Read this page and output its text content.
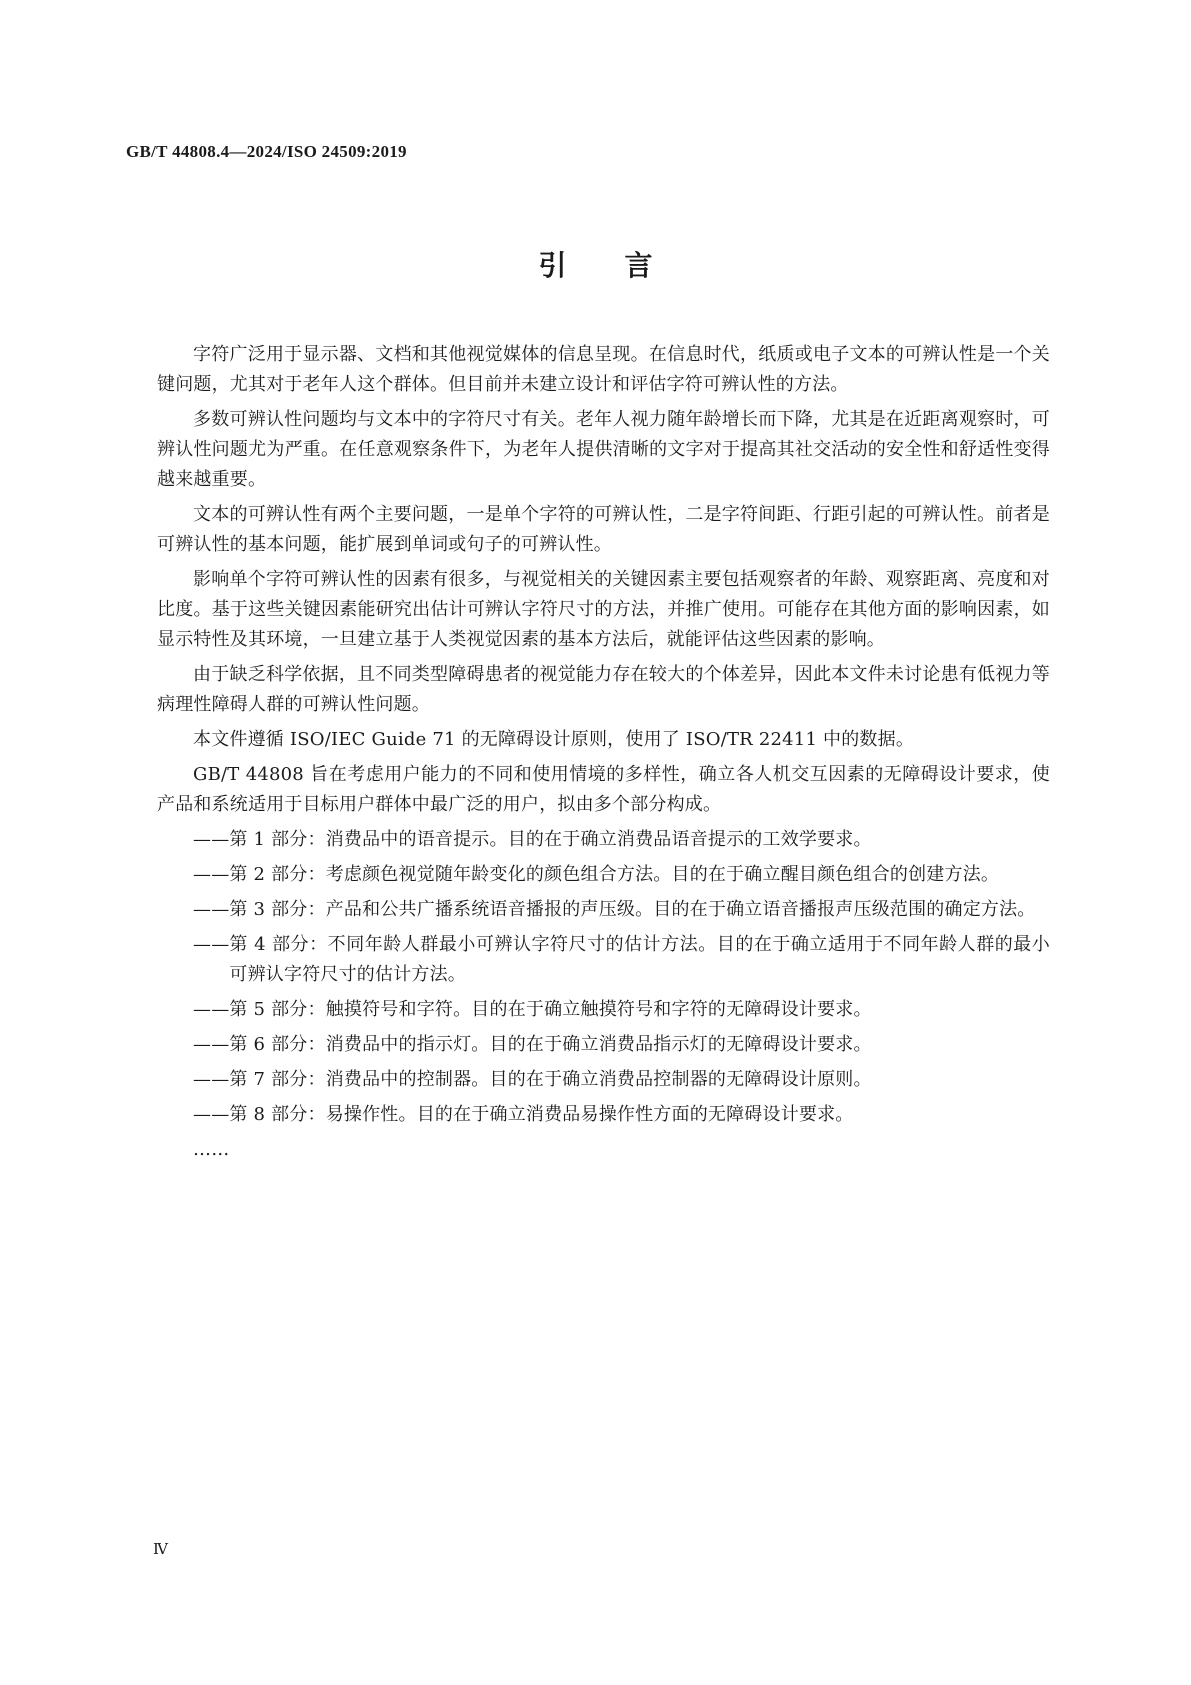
GB/T 44808.4—2024/ISO 24509:2019
引言

字符广泛用于显示器、文档和其他视觉媒体的信息呈现。在信息时代，纸质或电子文本的可辨认性是一个关键问题，尤其对于老年人这个群体。但目前并未建立设计和评估字符可辨认性的方法。

多数可辨认性问题均与文本中的字符尺寸有关。老年人视力随年龄增长而下降，尤其是在近距离观察时，可辨认性问题尤为严重。在任意观察条件下，为老年人提供清晰的文字对于提高其社交活动的安全性和舒适性变得越来越重要。

文本的可辨认性有两个主要问题，一是单个字符的可辨认性，二是字符间距、行距引起的可辨认性。前者是可辨认性的基本问题，能扩展到单词或句子的可辨认性。

影响单个字符可辨认性的因素有很多，与视觉相关的关键因素主要包括观察者的年龄、观察距离、亮度和对比度。基于这些关键因素能研究出估计可辨认字符尺寸的方法，并推广使用。可能存在其他方面的影响因素，如显示特性及其环境，一旦建立基于人类视觉因素的基本方法后，就能评估这些因素的影响。

由于缺乏科学依据，且不同类型障碍患者的视觉能力存在较大的个体差异，因此本文件未讨论患有低视力等病理性障碍人群的可辨认性问题。

本文件遵循 ISO/IEC Guide 71 的无障碍设计原则，使用了 ISO/TR 22411 中的数据。

GB/T 44808 旨在考虑用户能力的不同和使用情境的多样性，确立各人机交互因素的无障碍设计要求，使产品和系统适用于目标用户群体中最广泛的用户，拟由多个部分构成。

—— 第 1 部分：消费品中的语音提示。目的在于确立消费品语音提示的工效学要求。
—— 第 2 部分：考虑颜色视觉随年龄变化的颜色组合方法。目的在于确立醒目颜色组合的创建方法。
—— 第 3 部分：产品和公共广播系统语音播报的声压级。目的在于确立语音播报声压级范围的确定方法。
—— 第 4 部分：不同年龄人群最小可辨认字符尺寸的估计方法。目的在于确立适用于不同年龄人群的最小可辨认字符尺寸的估计方法。
—— 第 5 部分：触摸符号和字符。目的在于确立触摸符号和字符的无障碍设计要求。
—— 第 6 部分：消费品中的指示灯。目的在于确立消费品指示灯的无障碍设计要求。
—— 第 7 部分：消费品中的控制器。目的在于确立消费品控制器的无障碍设计原则。
—— 第 8 部分：易操作性。目的在于确立消费品易操作性方面的无障碍设计要求。
……
Ⅳ
